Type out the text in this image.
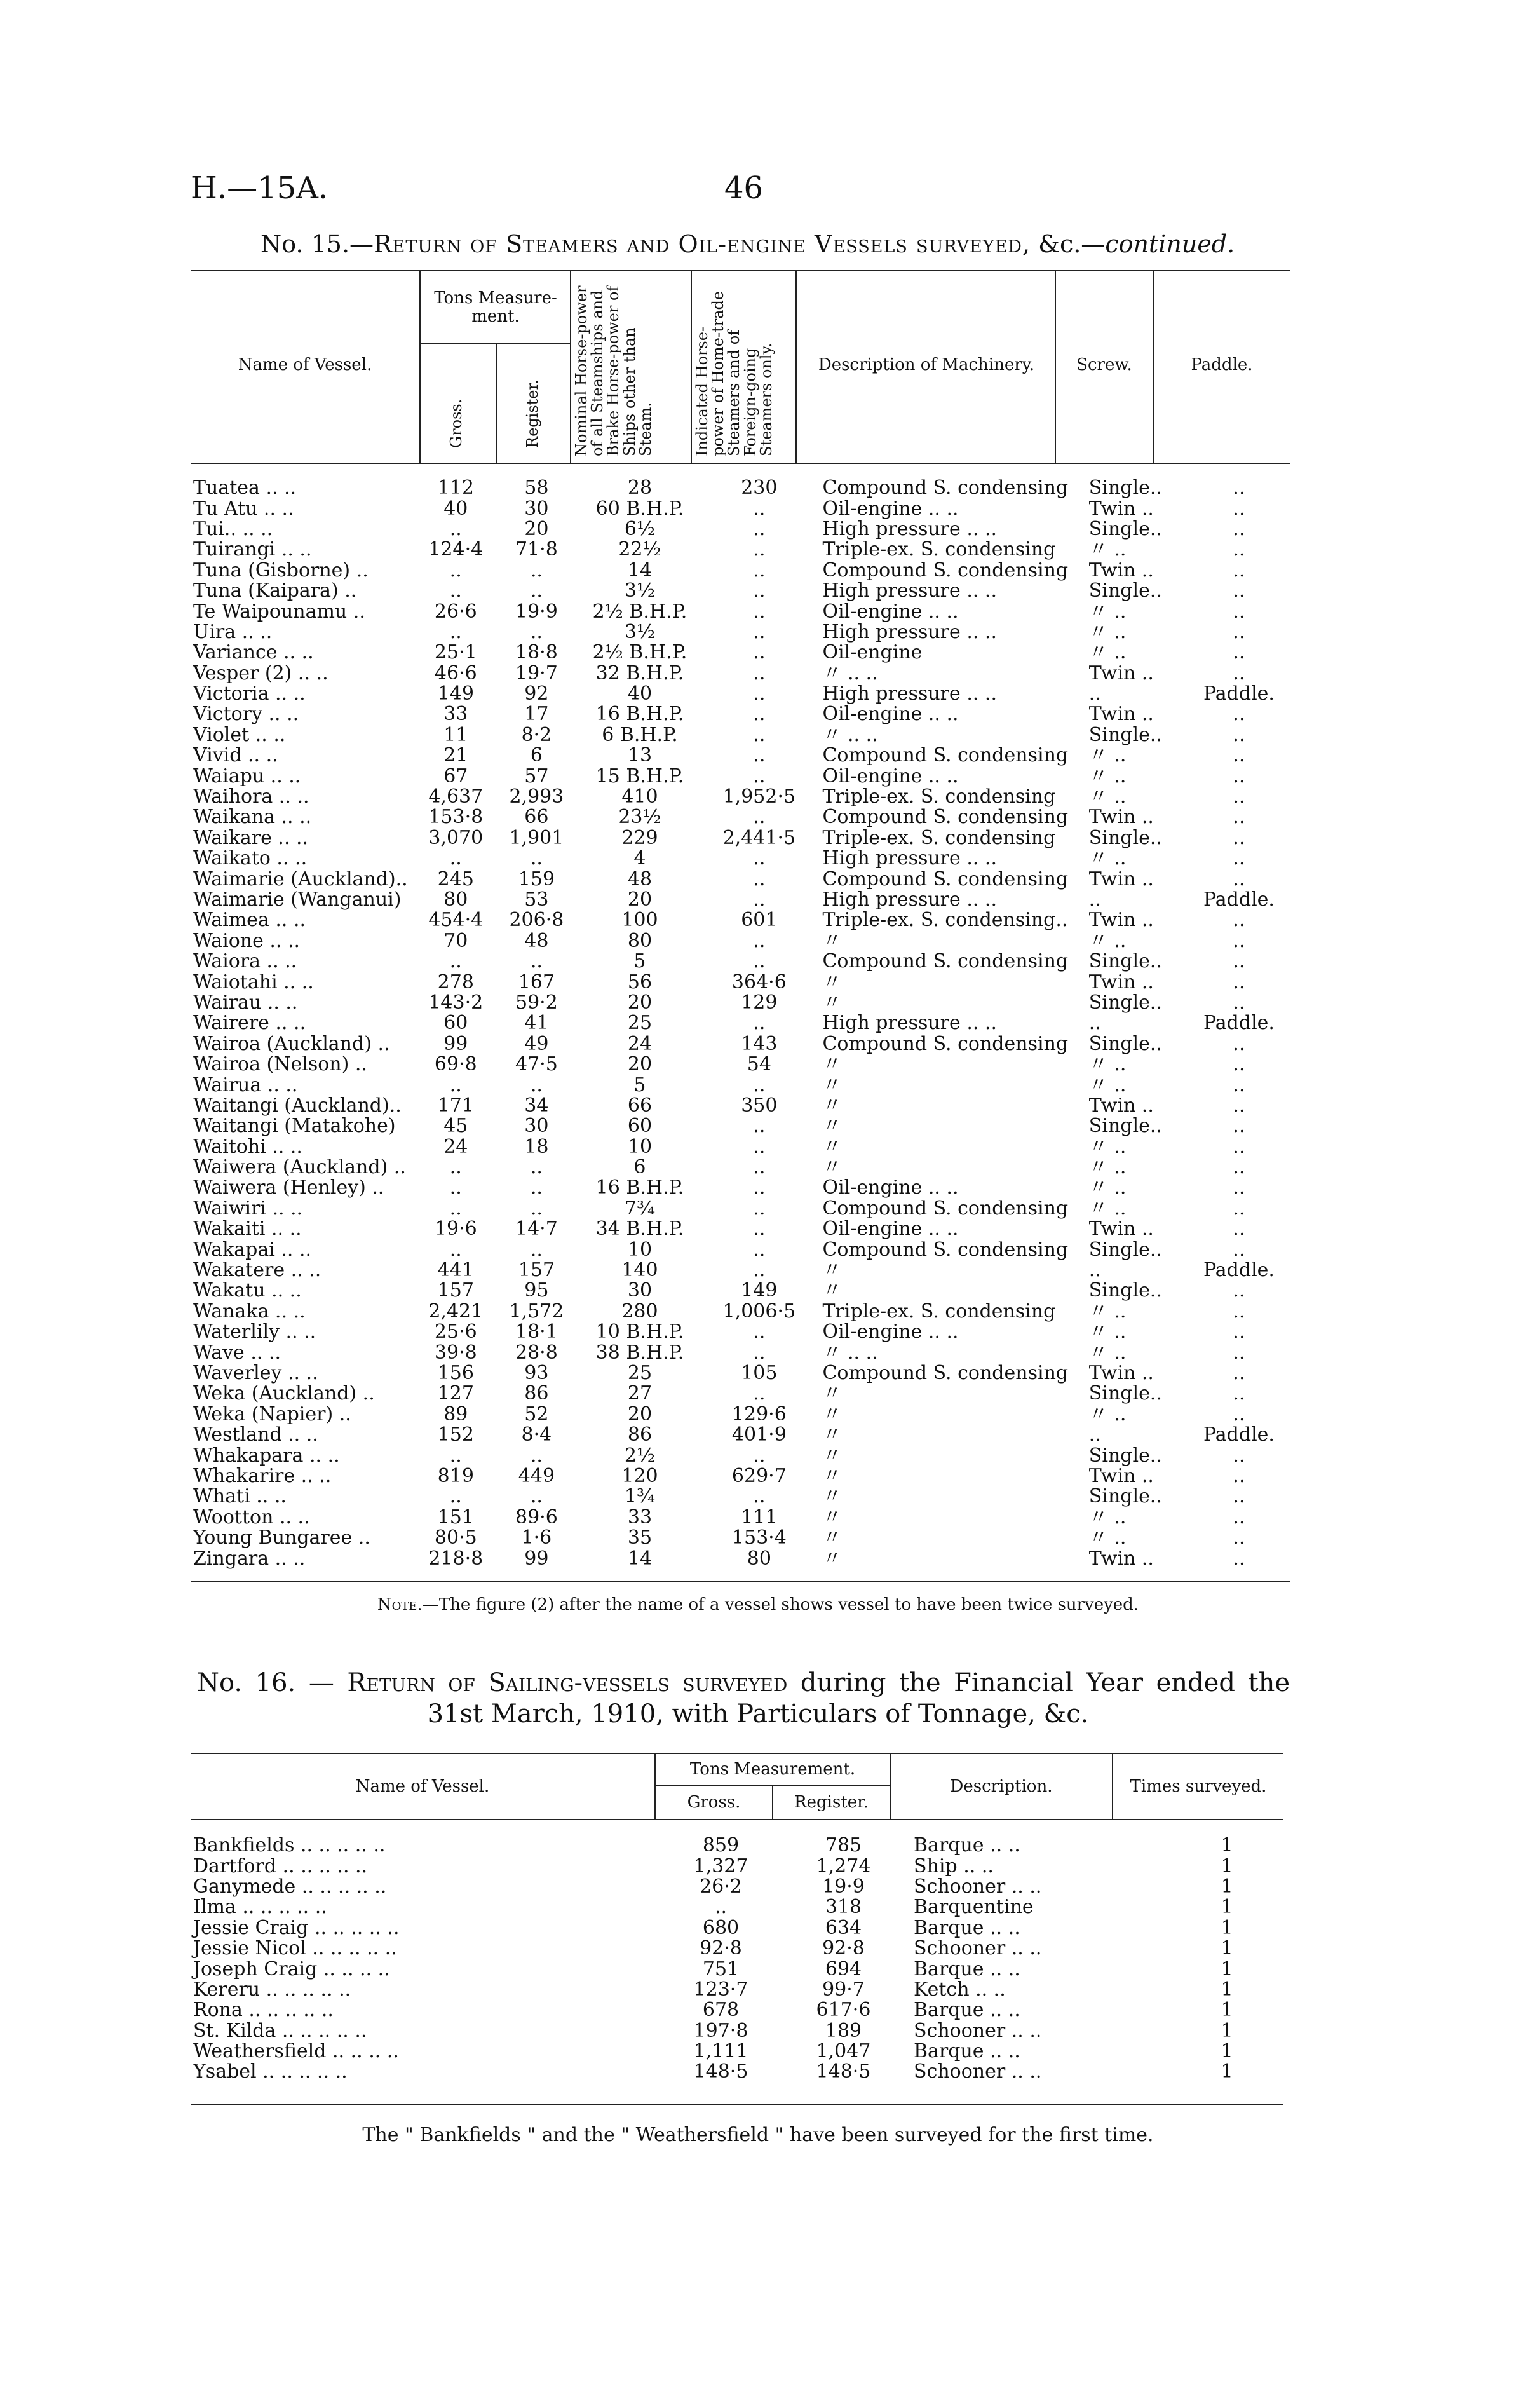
H.—15A.	46
No. 15.—Return of Steamers and Oil-engine Vessels surveyed, &c.—continued.
Name of Vessel.
Tons Measure-ment.
Gross.	Register. Nominal Horse-power of all Steamships and Brake Horse-power of Ships other than Steam.	Indicated Horse-power of Home-trade Steamers and of Foreign-going Steamers only.	Description of Machinery.	Screw.	Paddle.
Tuatea .. ..	112	58	28	230	Compound S. condensing	Single..	..
Tu Atu .. ..	40	30	60 B.H.P.	..	Oil-engine .. ..	Twin ..	..
Tui.. .. ..	..	20	6½	..	High pressure .. ..	Single..	..
Tuirangi .. ..	124·4	71·8	22½	..	Triple-ex. S. condensing	〃 ..	..
Tuna (Gisborne) ..	..	..	14	..	Compound S. condensing	Twin ..	..
Tuna (Kaipara) ..	..	..	3½	..	High pressure .. ..	Single..	..
Te Waipounamu ..	26·6	19·9	2½ B.H.P.	..	Oil-engine .. ..	〃 ..	..
Uira .. ..	..	..	3½	..	High pressure .. ..	〃 ..	..
Variance .. ..	25·1	18·8	2½ B.H.P.	..	Oil-engine	〃 ..	..
Vesper (2) .. ..	46·6	19·7	32 B.H.P.	..	〃 .. ..	Twin ..	..
Victoria .. ..	149	92	40	..	High pressure .. ..	..	Paddle.
Victory .. ..	33	17	16 B.H.P.	..	Oil-engine .. ..	Twin ..	..
Violet .. ..	11	8·2	6 B.H.P.	..	〃 .. ..	Single..	..
Vivid .. ..	21	6	13	..	Compound S. condensing	〃 ..	..
Waiapu .. ..	67	57	15 B.H.P.	..	Oil-engine .. ..	〃 ..	..
Waihora .. ..	4,637	2,993	410	1,952·5	Triple-ex. S. condensing	〃 ..	..
Waikana .. ..	153·8	66	23½	..	Compound S. condensing	Twin ..	..
Waikare .. ..	3,070	1,901	229	2,441·5	Triple-ex. S. condensing	Single..	..
Waikato .. ..	..	..	4	..	High pressure .. ..	〃 ..	..
Waimarie (Auckland)..	245	159	48	..	Compound S. condensing	Twin ..	..
Waimarie (Wanganui)	80	53	20	..	High pressure .. ..	..	Paddle.
Waimea .. ..	454·4	206·8	100	601	Triple-ex. S. condensing..	Twin ..	..
Waione .. ..	70	48	80	..	〃	〃 ..	..
Waiora .. ..	..	..	5	..	Compound S. condensing	Single..	..
Waiotahi .. ..	278	167	56	364·6	〃	Twin ..	..
Wairau .. ..	143·2	59·2	20	129	〃	Single..	..
Wairere .. ..	60	41	25	..	High pressure .. ..	..	Paddle.
Wairoa (Auckland) ..	99	49	24	143	Compound S. condensing	Single..	..
Wairoa (Nelson) ..	69·8	47·5	20	54	〃	〃 ..	..
Wairua .. ..	..	..	5	..	〃	〃 ..	..
Waitangi (Auckland)..	171	34	66	350	〃	Twin ..	..
Waitangi (Matakohe)	45	30	60	..	〃	Single..	..
Waitohi .. ..	24	18	10	..	〃	〃 ..	..
Waiwera (Auckland) ..	..	..	6	..	〃	〃 ..	..
Waiwera (Henley) ..	..	..	16 B.H.P.	..	Oil-engine .. ..	〃 ..	..
Waiwiri .. ..	..	..	7¾	..	Compound S. condensing	〃 ..	..
Wakaiti .. ..	19·6	14·7	34 B.H.P.	..	Oil-engine .. ..	Twin ..	..
Wakapai .. ..	..	..	10	..	Compound S. condensing	Single..	..
Wakatere .. ..	441	157	140	..	〃	..	Paddle.
Wakatu .. ..	157	95	30	149	〃	Single..	..
Wanaka .. ..	2,421	1,572	280	1,006·5	Triple-ex. S. condensing	〃 ..	..
Waterlily .. ..	25·6	18·1	10 B.H.P.	..	Oil-engine .. ..	〃 ..	..
Wave .. ..	39·8	28·8	38 B.H.P.	..	〃 .. ..	〃 ..	..
Waverley .. ..	156	93	25	105	Compound S. condensing	Twin ..	..
Weka (Auckland) ..	127	86	27	..	〃	Single..	..
Weka (Napier) ..	89	52	20	129·6	〃	〃 ..	..
Westland .. ..	152	8·4	86	401·9	〃	..	Paddle.
Whakapara .. ..	..	..	2½	..	〃	Single..	..
Whakarire .. ..	819	449	120	629·7	〃	Twin ..	..
Whati .. ..	..	..	1¾	..	〃	Single..	..
Wootton .. ..	151	89·6	33	111	〃	〃 ..	..
Young Bungaree ..	80·5	1·6	35	153·4	〃	〃 ..	..
Zingara .. ..	218·8	99	14	80	〃	Twin ..	..
Note.—The figure (2) after the name of a vessel shows vessel to have been twice surveyed.
No. 16. — Return of Sailing-vessels surveyed during the Financial Year ended the
31st March, 1910, with Particulars of Tonnage, &c.
Name of Vessel.
Tons Measurement.
Gross.	Register.
Description.	Times surveyed.
Bankfields .. .. .. .. ..	859	785	Barque .. ..	1
Dartford .. .. .. .. ..	1,327	1,274	Ship .. ..	1
Ganymede .. .. .. .. ..	26·2	19·9	Schooner .. ..	1
Ilma .. .. .. .. ..	..	318	Barquentine	1
Jessie Craig .. .. .. .. ..	680	634	Barque .. ..	1
Jessie Nicol .. .. .. .. ..	92·8	92·8	Schooner .. ..	1
Joseph Craig .. .. .. ..	751	694	Barque .. ..	1
Kereru .. .. .. .. ..	123·7	99·7	Ketch .. ..	1
Rona .. .. .. .. ..	678	617·6	Barque .. ..	1
St. Kilda .. .. .. .. ..	197·8	189	Schooner .. ..	1
Weathersfield .. .. .. ..	1,111	1,047	Barque .. ..	1
Ysabel .. .. .. .. ..	148·5	148·5	Schooner .. ..	1
The " Bankfields " and the " Weathersfield " have been surveyed for the first time.
